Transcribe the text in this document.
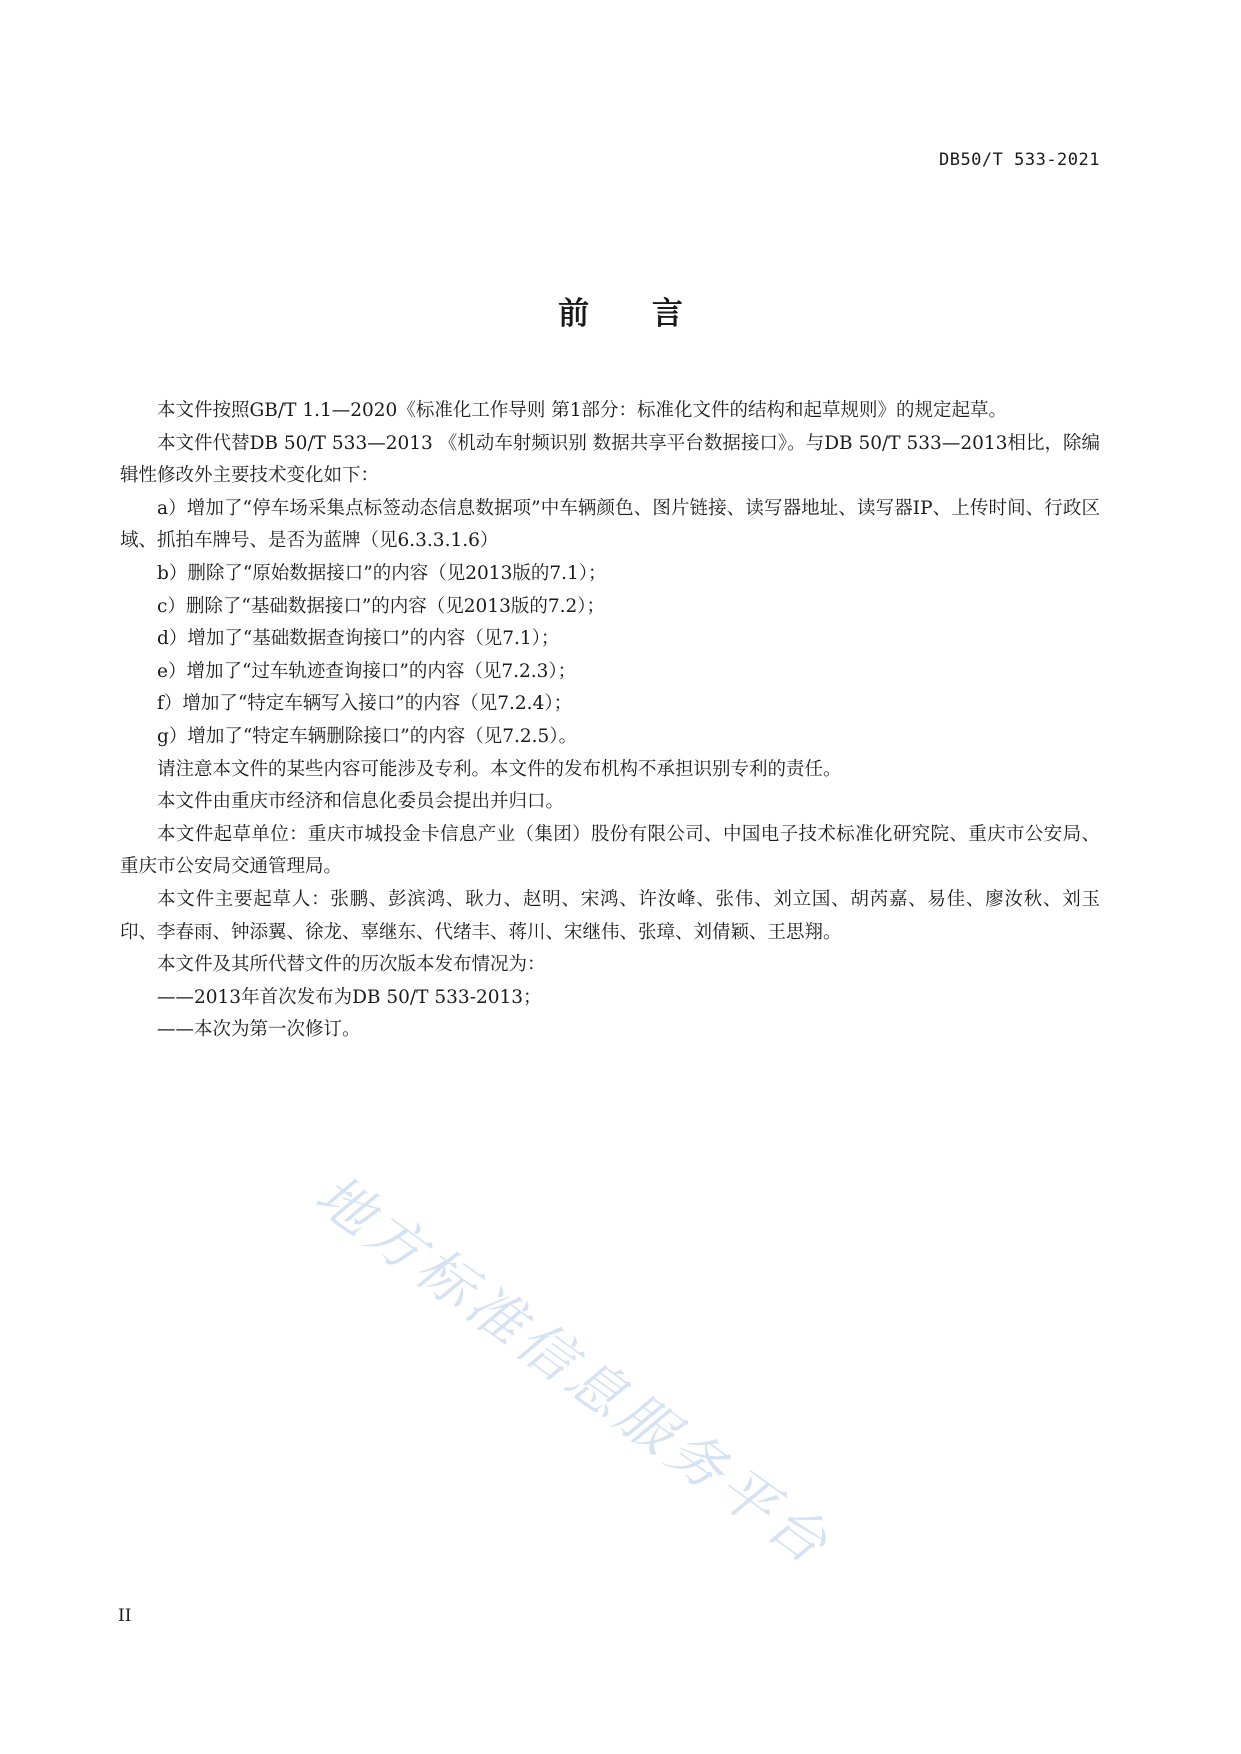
DB50/T 533-2021
前 言

本文件按照GB/T 1.1—2020《标准化工作导则 第1部分：标准化文件的结构和起草规则》的规定起草。

本文件代替DB 50/T 533—2013 《机动车射频识别 数据共享平台数据接口》。与DB 50/T 533—2013相比，除编辑性修改外主要技术变化如下：

a）增加了“停车场采集点标签动态信息数据项”中车辆颜色、图片链接、读写器地址、读写器IP、上传时间、行政区域、抓拍车牌号、是否为蓝牌（见6.3.3.1.6）

b）删除了“原始数据接口”的内容（见2013版的7.1）；

c）删除了“基础数据接口”的内容（见2013版的7.2）；

d）增加了“基础数据查询接口”的内容（见7.1）；

e）增加了“过车轨迹查询接口”的内容（见7.2.3）；

f）增加了“特定车辆写入接口”的内容（见7.2.4）；

g）增加了“特定车辆删除接口”的内容（见7.2.5）。

请注意本文件的某些内容可能涉及专利。本文件的发布机构不承担识别专利的责任。

本文件由重庆市经济和信息化委员会提出并归口。

本文件起草单位：重庆市城投金卡信息产业（集团）股份有限公司、中国电子技术标准化研究院、重庆市公安局、重庆市公安局交通管理局。

本文件主要起草人：张鹏、彭滨鸿、耿力、赵明、宋鸿、许汝峰、张伟、刘立国、胡芮嘉、易佳、廖汝秋、刘玉印、李春雨、钟添翼、徐龙、辜继东、代绪丰、蒋川、宋继伟、张璋、刘倩颖、王思翔。

本文件及其所代替文件的历次版本发布情况为：

——2013年首次发布为DB 50/T 533-2013；

——本次为第一次修订。

地方标准信息服务平台
II
